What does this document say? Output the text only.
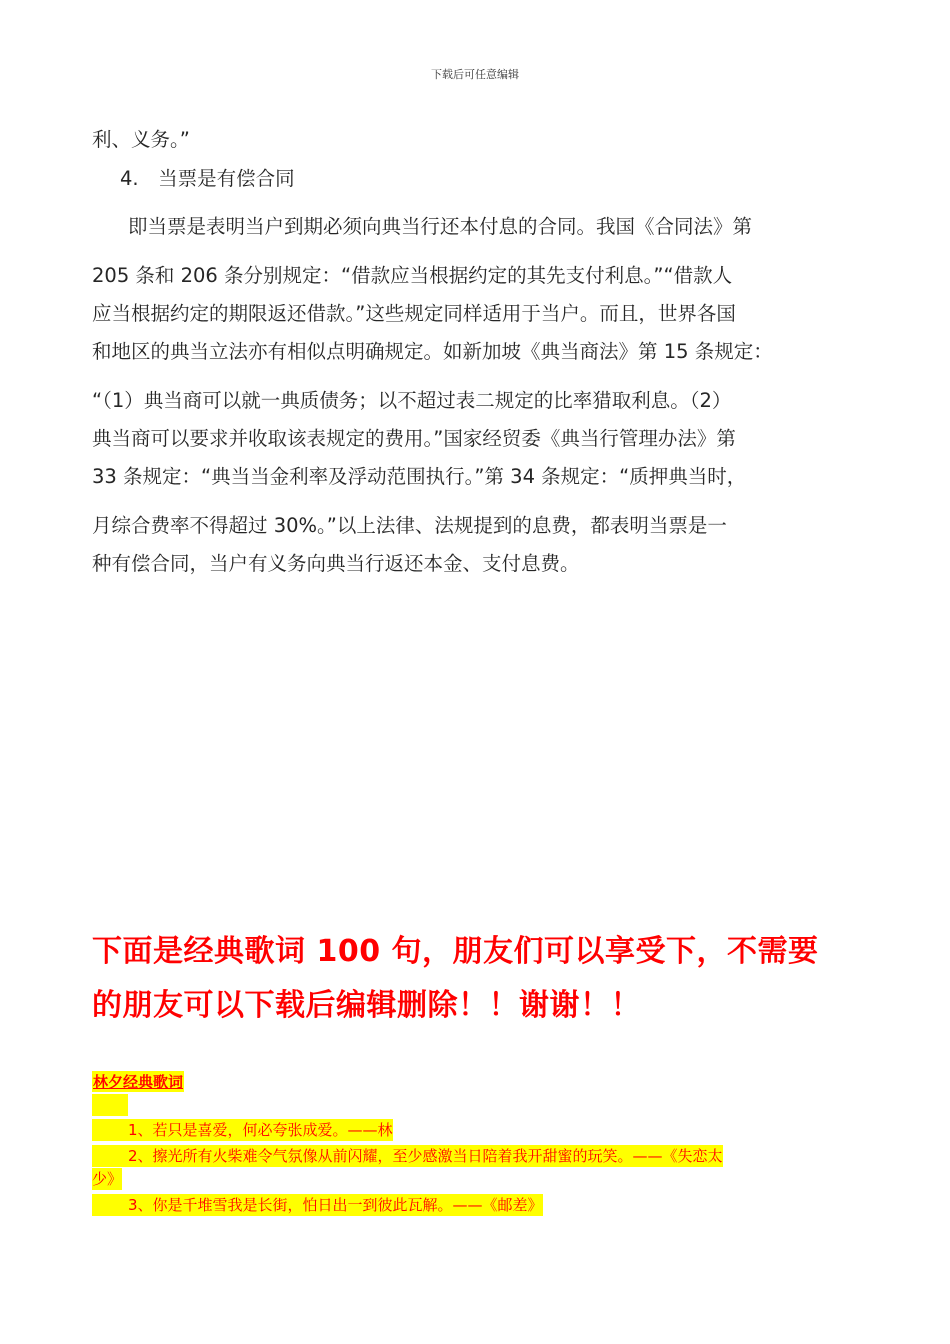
下载后可任意编辑
利、义务。”
4.　当票是有偿合同
即当票是表明当户到期必须向典当行还本付息的合同。我国《合同法》第
205 条和 206 条分别规定：“借款应当根据约定的其先支付利息。”“借款人
应当根据约定的期限返还借款。”这些规定同样适用于当户。而且，世界各国
和地区的典当立法亦有相似点明确规定。如新加坡《典当商法》第 15 条规定：
“（1）典当商可以就一典质债务；以不超过表二规定的比率猎取利息。（2）
典当商可以要求并收取该表规定的费用。”国家经贸委《典当行管理办法》第
33 条规定：“典当当金利率及浮动范围执行。”第 34 条规定：“质押典当时，
月综合费率不得超过 30%。”以上法律、法规提到的息费，都表明当票是一
种有偿合同，当户有义务向典当行返还本金、支付息费。
下面是经典歌词 100 句，朋友们可以享受下，不需要
的朋友可以下载后编辑删除！！谢谢！！
林夕经典歌词
1、若只是喜爱，何必夸张成爱。——林
2、擦光所有火柴难令气氛像从前闪耀，至少感激当日陪着我开甜蜜的玩笑。——《失恋太
少》
3、你是千堆雪我是长街，怕日出一到彼此瓦解。——《邮差》
